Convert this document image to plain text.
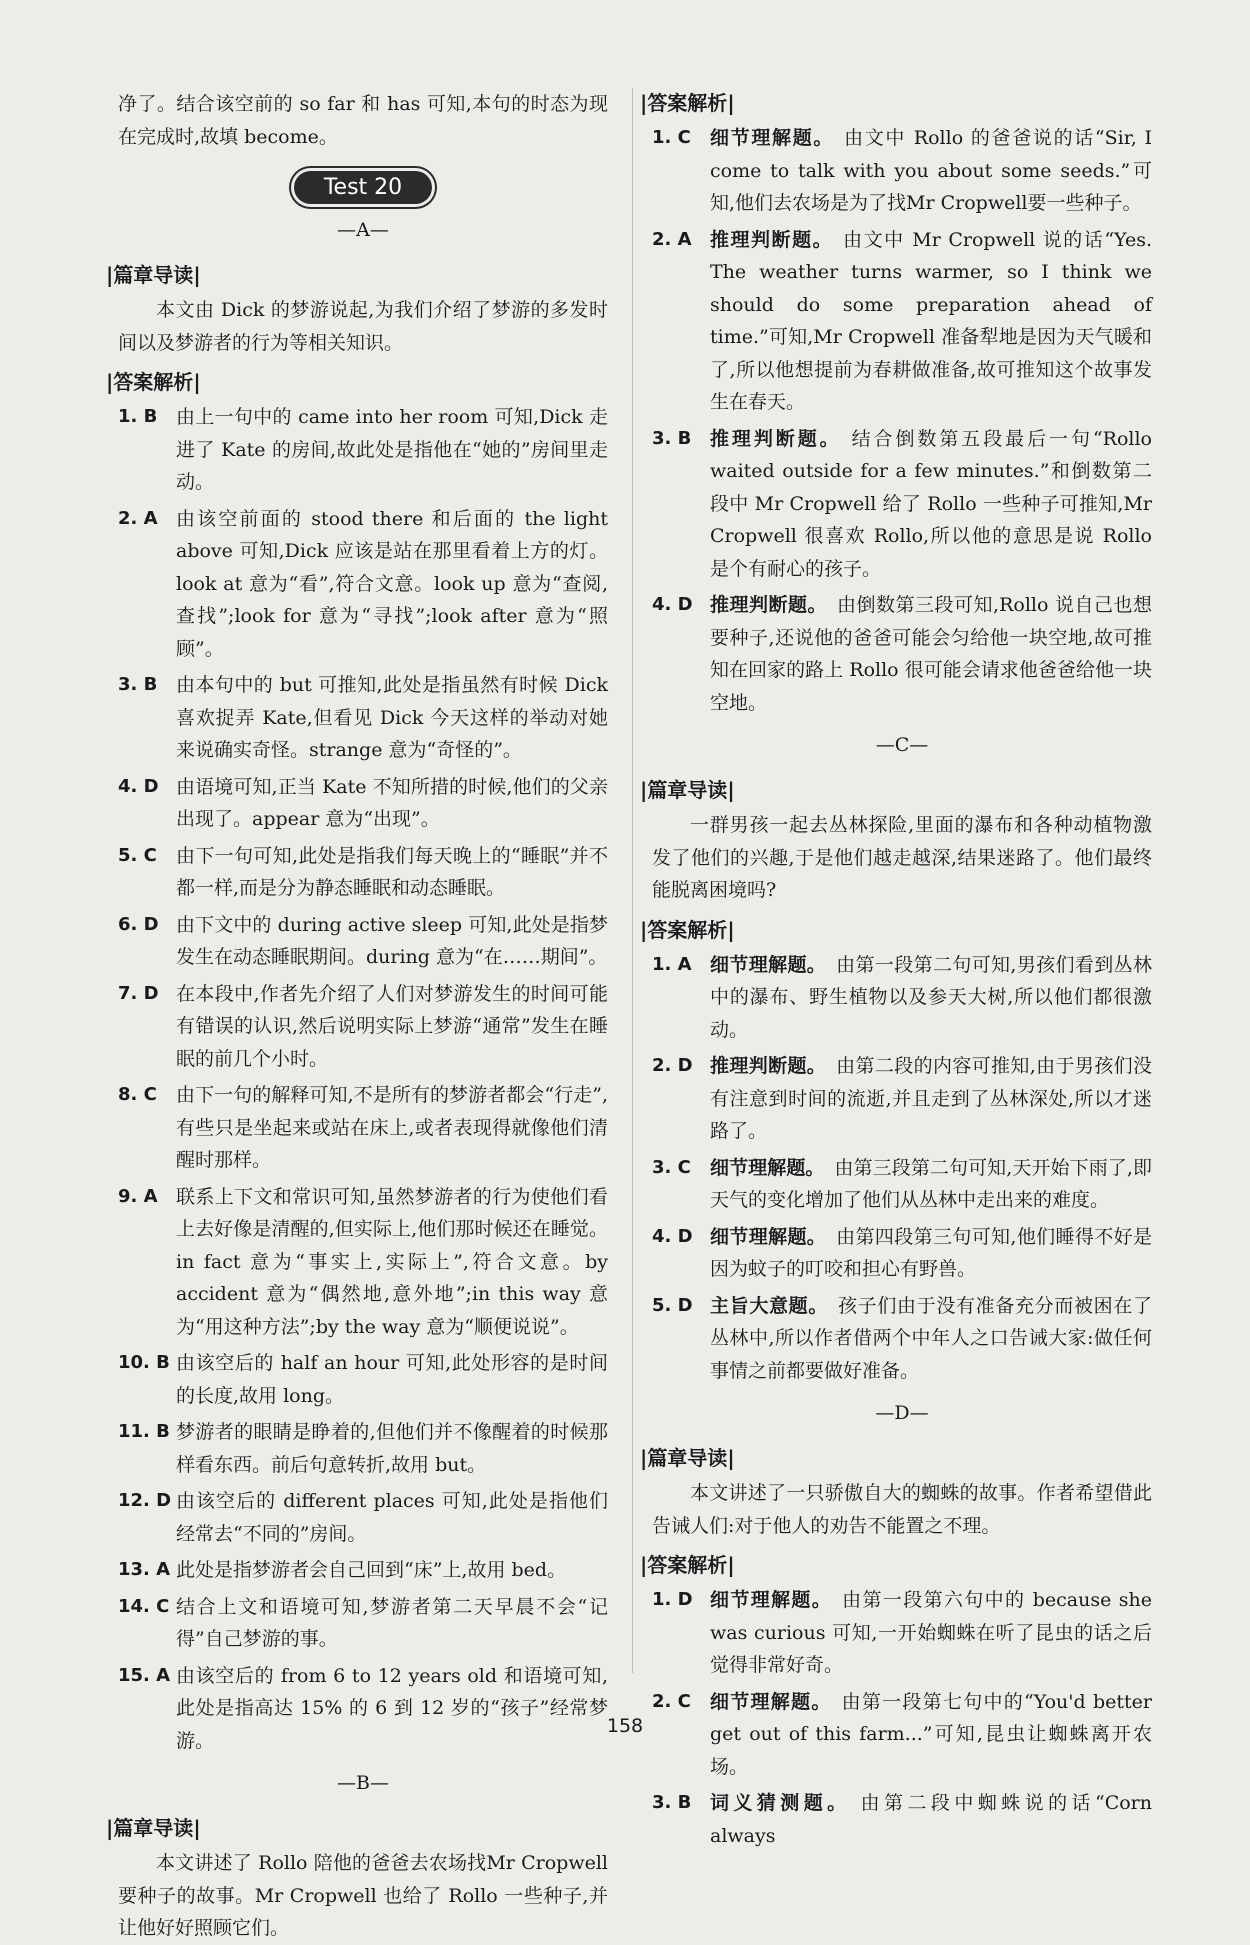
净了。结合该空前的 so far 和 has 可知,本句的时态为现在完成时,故填 become。

Test 20
—A—
|篇章导读|

本文由 Dick 的梦游说起,为我们介绍了梦游的多发时间以及梦游者的行为等相关知识。

|答案解析|
1. B 由上一句中的 came into her room 可知,Dick 走进了 Kate 的房间,故此处是指他在“她的”房间里走动。
2. A 由该空前面的 stood there 和后面的 the light above 可知,Dick 应该是站在那里看着上方的灯。look at 意为“看”,符合文意。look up 意为“查阅,查找”;look for 意为“寻找”;look after 意为“照顾”。
3. B 由本句中的 but 可推知,此处是指虽然有时候 Dick 喜欢捉弄 Kate,但看见 Dick 今天这样的举动对她来说确实奇怪。strange 意为“奇怪的”。
4. D 由语境可知,正当 Kate 不知所措的时候,他们的父亲出现了。appear 意为“出现”。
5. C	由下一句可知,此处是指我们每天晚上的“睡眠”并不都一样,而是分为静态睡眠和动态睡眠。
6. D 由下文中的 during active sleep 可知,此处是指梦发生在动态睡眠期间。during 意为“在……期间”。
7. D 在本段中,作者先介绍了人们对梦游发生的时间可能有错误的认识,然后说明实际上梦游“通常”发生在睡眠的前几个小时。
8. C	由下一句的解释可知,不是所有的梦游者都会“行走”,有些只是坐起来或站在床上,或者表现得就像他们清醒时那样。
9. A 联系上下文和常识可知,虽然梦游者的行为使他们看上去好像是清醒的,但实际上,他们那时候还在睡觉。in fact 意为“事实上,实际上”,符合文意。by accident 意为“偶然地,意外地”;in this way 意为“用这种方法”;by the way 意为“顺便说说”。
10. B 由该空后的 half an hour 可知,此处形容的是时间的长度,故用 long。
11. B 梦游者的眼睛是睁着的,但他们并不像醒着的时候那样看东西。前后句意转折,故用 but。
12. D 由该空后的 different places 可知,此处是指他们经常去“不同的”房间。
13. A 此处是指梦游者会自己回到“床”上,故用 bed。
14. C 结合上文和语境可知,梦游者第二天早晨不会“记得”自己梦游的事。
15. A 由该空后的 from 6 to 12 years old 和语境可知,此处是指高达 15% 的 6 到 12 岁的“孩子”经常梦游。
—B—
|篇章导读|

本文讲述了 Rollo 陪他的爸爸去农场找Mr Cropwell 要种子的故事。Mr Cropwell 也给了 Rollo 一些种子,并让他好好照顾它们。

|答案解析|
1. C	细节理解题。 由文中 Rollo 的爸爸说的话“Sir, I come to talk with you about some seeds.”可知,他们去农场是为了找Mr Cropwell要一些种子。
2. A 推理判断题。 由文中 Mr Cropwell 说的话“Yes. The weather turns warmer, so I think we should do some preparation ahead of time.”可知,Mr Cropwell 准备犁地是因为天气暖和了,所以他想提前为春耕做准备,故可推知这个故事发生在春天。
3. B 推理判断题。 结合倒数第五段最后一句“Rollo waited outside for a few minutes.”和倒数第二段中 Mr Cropwell 给了 Rollo 一些种子可推知,Mr Cropwell 很喜欢 Rollo,所以他的意思是说 Rollo 是个有耐心的孩子。
4. D 推理判断题。 由倒数第三段可知,Rollo 说自己也想要种子,还说他的爸爸可能会匀给他一块空地,故可推知在回家的路上 Rollo 很可能会请求他爸爸给他一块空地。
—C—
|篇章导读|

一群男孩一起去丛林探险,里面的瀑布和各种动植物激发了他们的兴趣,于是他们越走越深,结果迷路了。他们最终能脱离困境吗?

|答案解析|
1. A 细节理解题。 由第一段第二句可知,男孩们看到丛林中的瀑布、野生植物以及参天大树,所以他们都很激动。
2. D 推理判断题。 由第二段的内容可推知,由于男孩们没有注意到时间的流逝,并且走到了丛林深处,所以才迷路了。
3. C	细节理解题。 由第三段第二句可知,天开始下雨了,即天气的变化增加了他们从丛林中走出来的难度。
4. D 细节理解题。 由第四段第三句可知,他们睡得不好是因为蚊子的叮咬和担心有野兽。
5. D 主旨大意题。 孩子们由于没有准备充分而被困在了丛林中,所以作者借两个中年人之口告诫大家:做任何事情之前都要做好准备。
—D—
|篇章导读|

本文讲述了一只骄傲自大的蜘蛛的故事。作者希望借此告诫人们:对于他人的劝告不能置之不理。

|答案解析|
1. D 细节理解题。 由第一段第六句中的 because she was curious 可知,一开始蜘蛛在听了昆虫的话之后觉得非常好奇。
2. C	细节理解题。 由第一段第七句中的“You'd better get out of this farm...”可知,昆虫让蜘蛛离开农场。
3. B 词义猜测题。 由第二段中蜘蛛说的话“Corn always
158
